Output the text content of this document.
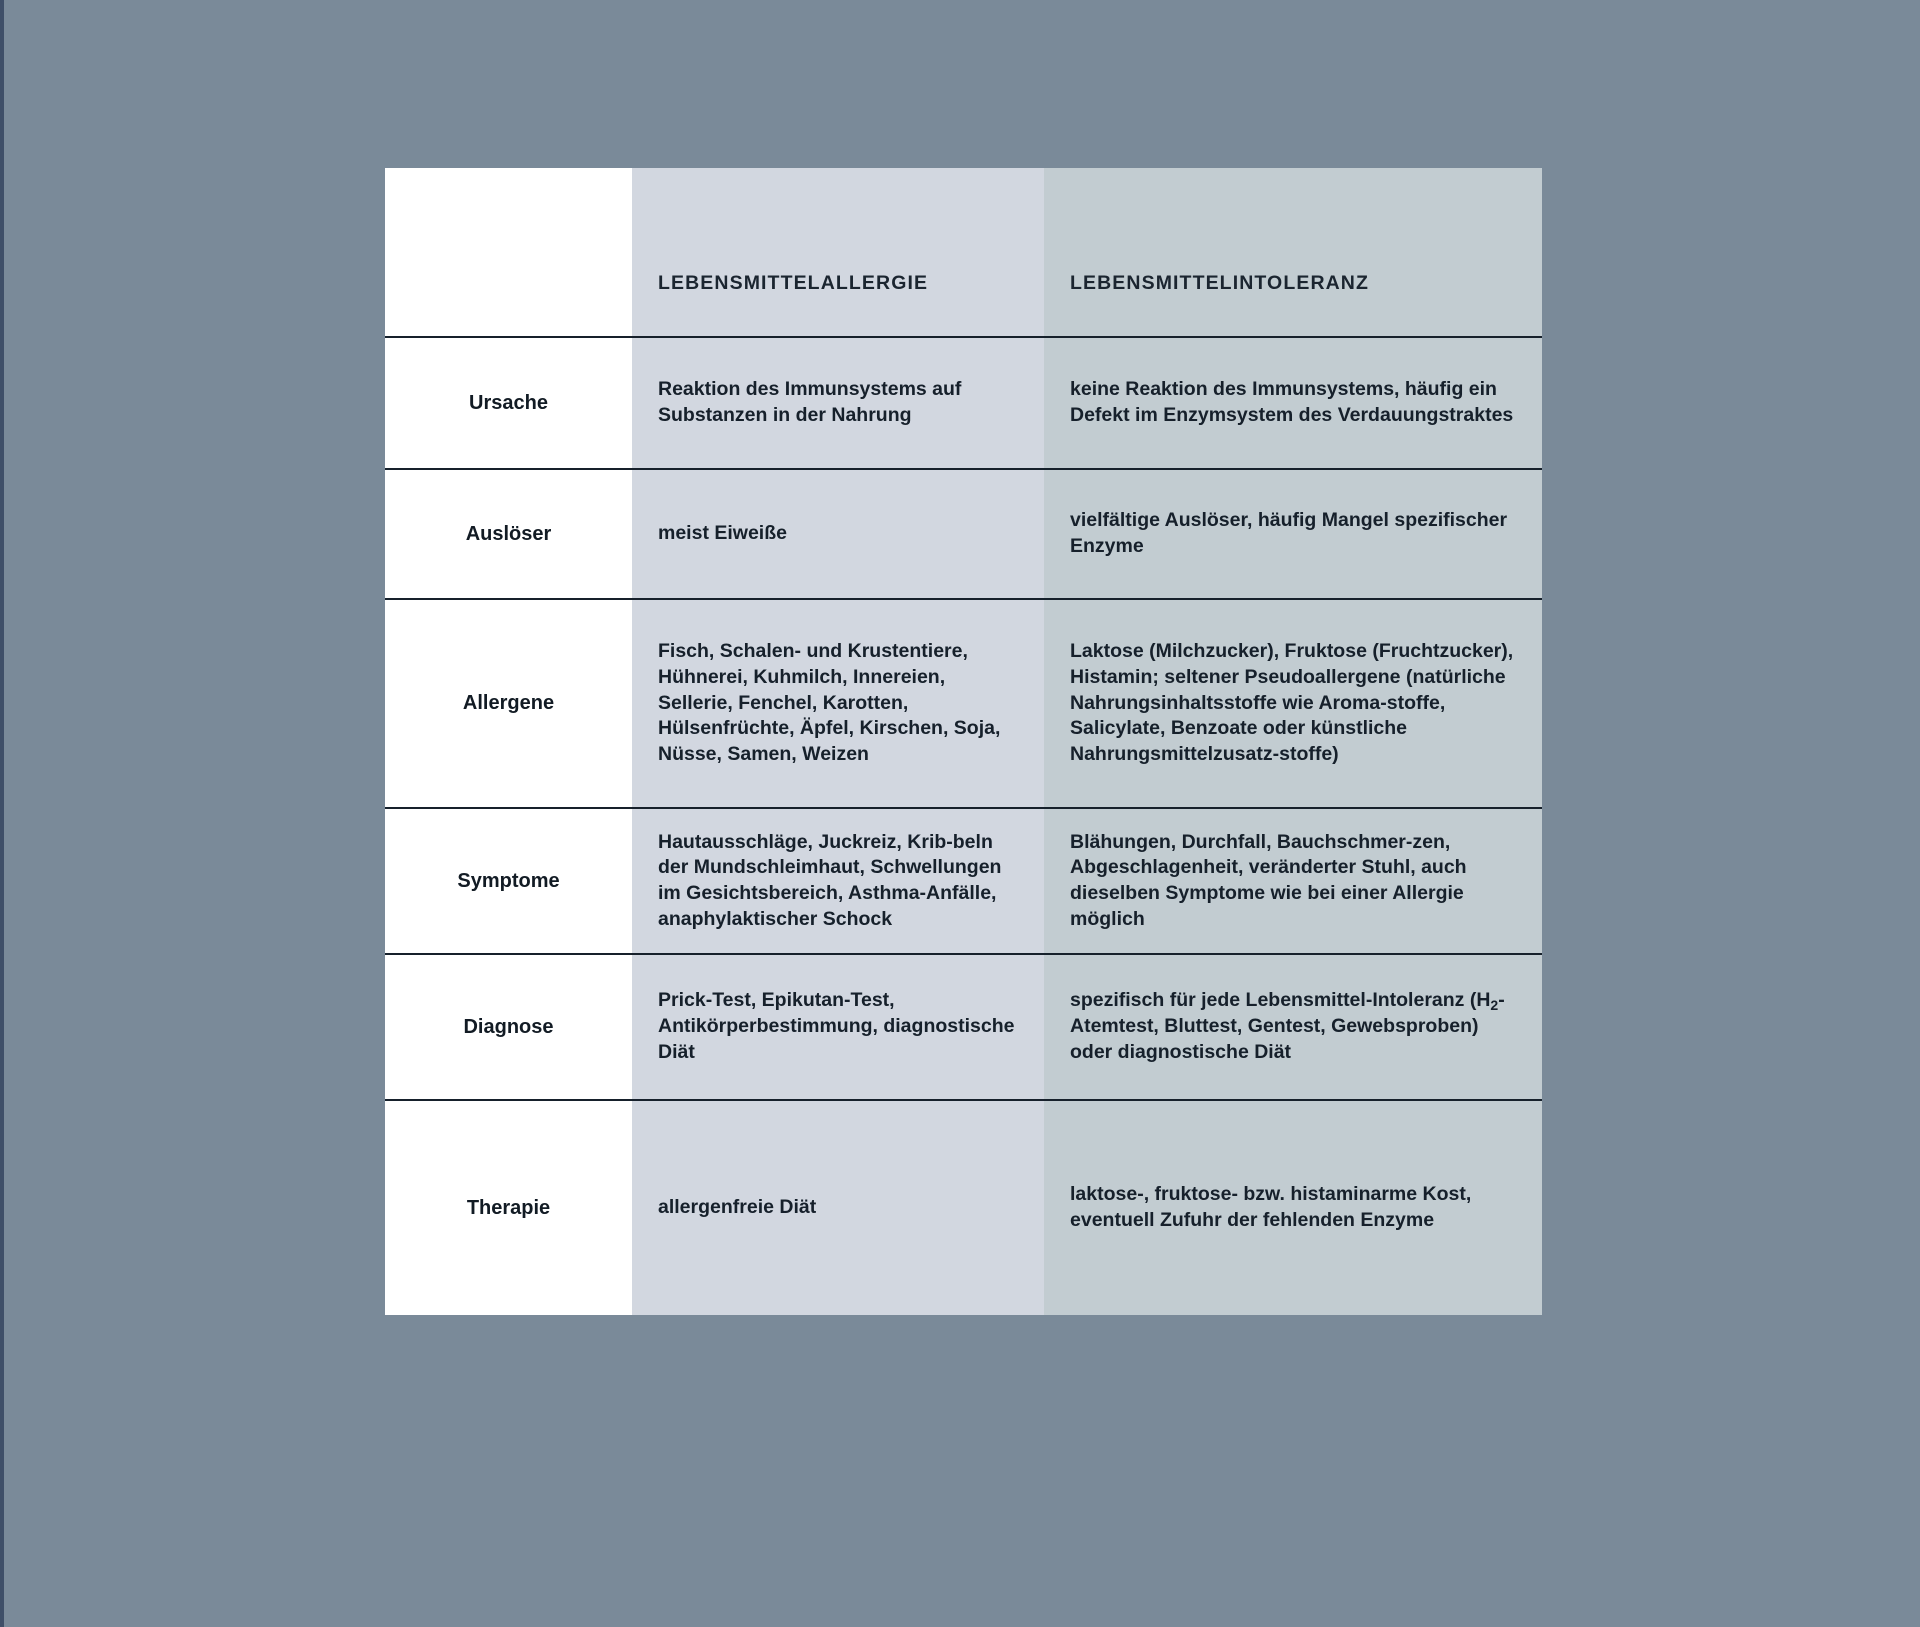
	LEBENSMITTELALLERGIE	LEBENSMITTELINTOLERANZ

Ursache	Reaktion des Immunsystems auf Substanzen in der Nahrung	keine Reaktion des Immunsystems, häufig ein Defekt im Enzymsystem des Verdauungstraktes

Auslöser	meist Eiweiße	vielfältige Auslöser, häufig Mangel spezifischer Enzyme

Allergene	Fisch, Schalen- und Krustentiere, Hühnerei, Kuhmilch, Innereien, Sellerie, Fenchel, Karotten, Hülsenfrüchte, Äpfel, Kirschen, Soja, Nüsse, Samen, Weizen	Laktose (Milchzucker), Fruktose (Fruchtzucker), Histamin; seltener Pseudoallergene (natürliche Nahrungsinhaltsstoffe wie Aroma-stoffe, Salicylate, Benzoate oder künstliche Nahrungsmittelzusatz-stoffe)

Symptome	Hautausschläge, Juckreiz, Krib-beln der Mundschleimhaut, Schwellungen im Gesichtsbereich, Asthma-Anfälle, anaphylaktischer Schock	Blähungen, Durchfall, Bauchschmer-zen, Abgeschlagenheit, veränderter Stuhl, auch dieselben Symptome wie bei einer Allergie möglich

Diagnose	Prick-Test, Epikutan-Test, Antikörperbestimmung, diagnostische Diät	spezifisch für jede Lebensmittel-Intoleranz ($H_2$-Atemtest, Bluttest, Gentest, Gewebsproben) oder diagnostische Diät

Therapie	allergenfreie Diät	laktose-, fruktose- bzw. histaminarme Kost, eventuell Zufuhr der fehlenden Enzyme
